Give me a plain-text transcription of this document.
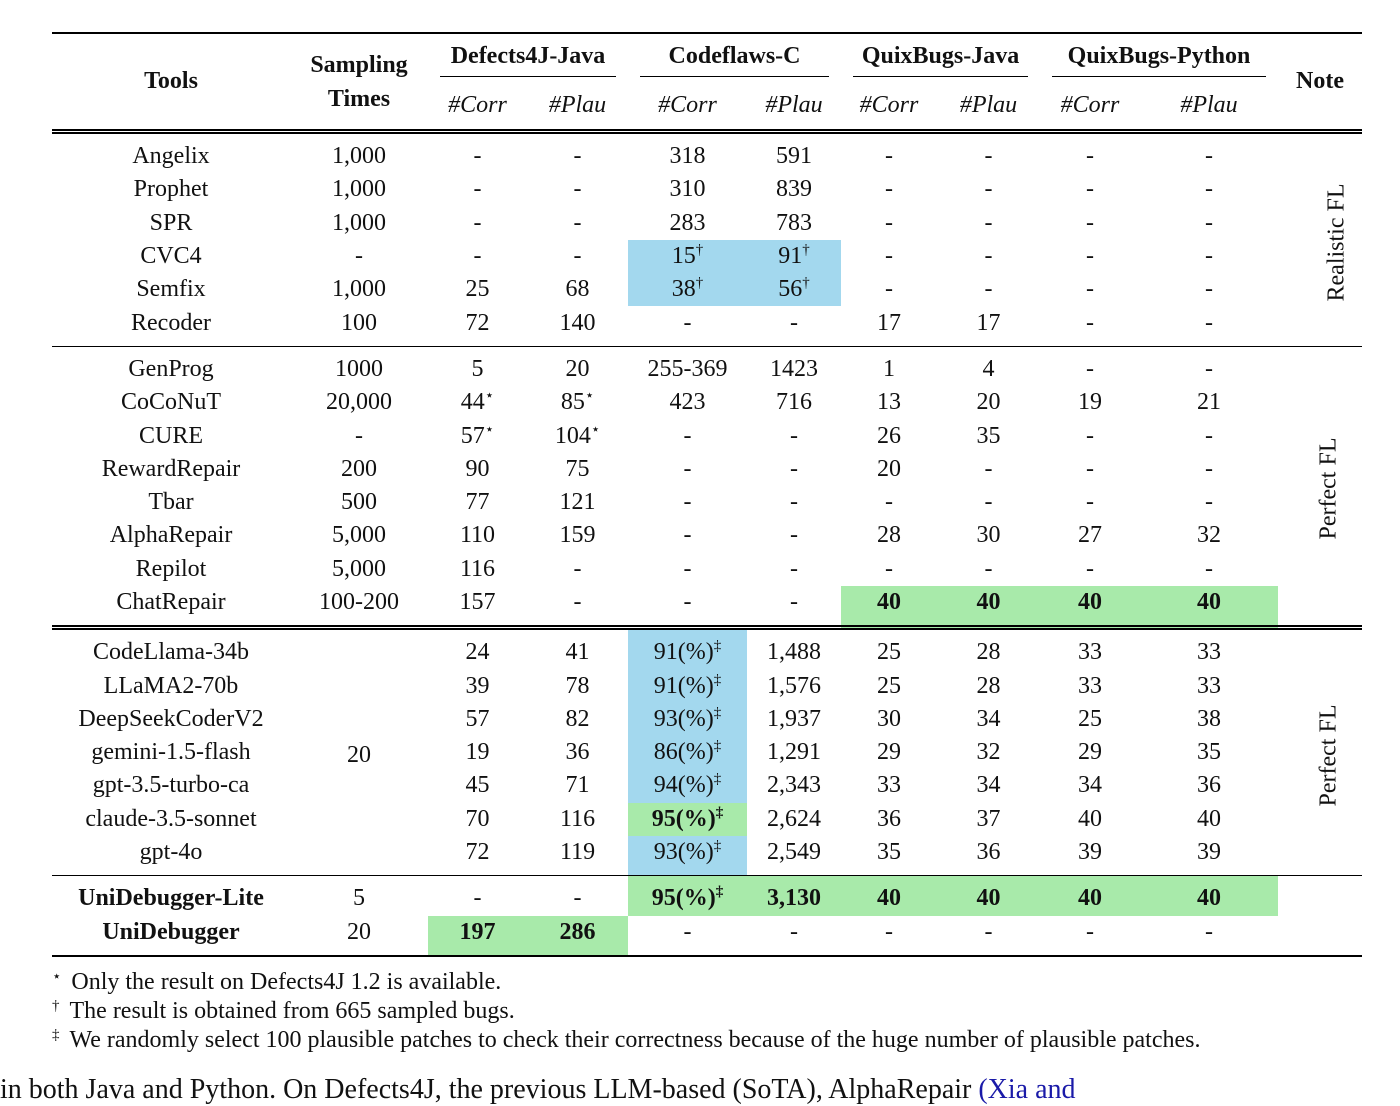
Tools	Sampling Times	Defects4J-Java		Codeflaws-C		QuixBugs-Java		QuixBugs-Python		Note
		#Corr	#Plau	#Corr	#Plau	#Corr	#Plau	#Corr	#Plau	
Angelix	1,000	-	-	318	591	-	-	-	-	Realistic FL
Prophet	1,000	-	-	310	839	-	-	-	-	
SPR	1,000	-	-	283	783	-	-	-	-	
CVC4	-	-	-	15†	91†	-	-	-	-	
Semfix	1,000	25	68	38†	56†	-	-	-	-	
Recoder	100	72	140	-	-	17	17	-	-	
GenProg	1000	5	20	255-369	1423	1	4	-	-	Perfect FL
CoCoNuT	20,000	44⋆	85⋆	423	716	13	20	19	21	
CURE	-	57⋆	104⋆	-	-	26	35	-	-	
RewardRepair	200	90	75	-	-	20	-	-	-	
Tbar	500	77	121	-	-	-	-	-	-	
AlphaRepair	5,000	110	159	-	-	28	30	27	32	
Repilot	5,000	116	-	-	-	-	-	-	-	
ChatRepair	100-200	157	-	-	-	40	40	40	40	
CodeLlama-34b	20	24	41	91(%)‡	1,488	25	28	33	33	Perfect FL
LLaMA2-70b		39	78	91(%)‡	1,576	25	28	33	33	
DeepSeekCoderV2		57	82	93(%)‡	1,937	30	34	25	38	
gemini-1.5-flash		19	36	86(%)‡	1,291	29	32	29	35	
gpt-3.5-turbo-ca		45	71	94(%)‡	2,343	33	34	34	36	
claude-3.5-sonnet		70	116	95(%)‡	2,624	36	37	40	40	
gpt-4o		72	119	93(%)‡	2,549	35	36	39	39	
UniDebugger-Lite	5	-	-	95(%)‡	3,130	40	40	40	40	
UniDebugger	20	197	286	-	-	-	-	-	-	
⋆ Only the result on Defects4J 1.2 is available.
† The result is obtained from 665 sampled bugs.
‡ We randomly select 100 plausible patches to check their correctness because of the huge number of plausible patches.
in both Java and Python. On Defects4J, the previous LLM-based (SoTA), AlphaRepair (Xia and
